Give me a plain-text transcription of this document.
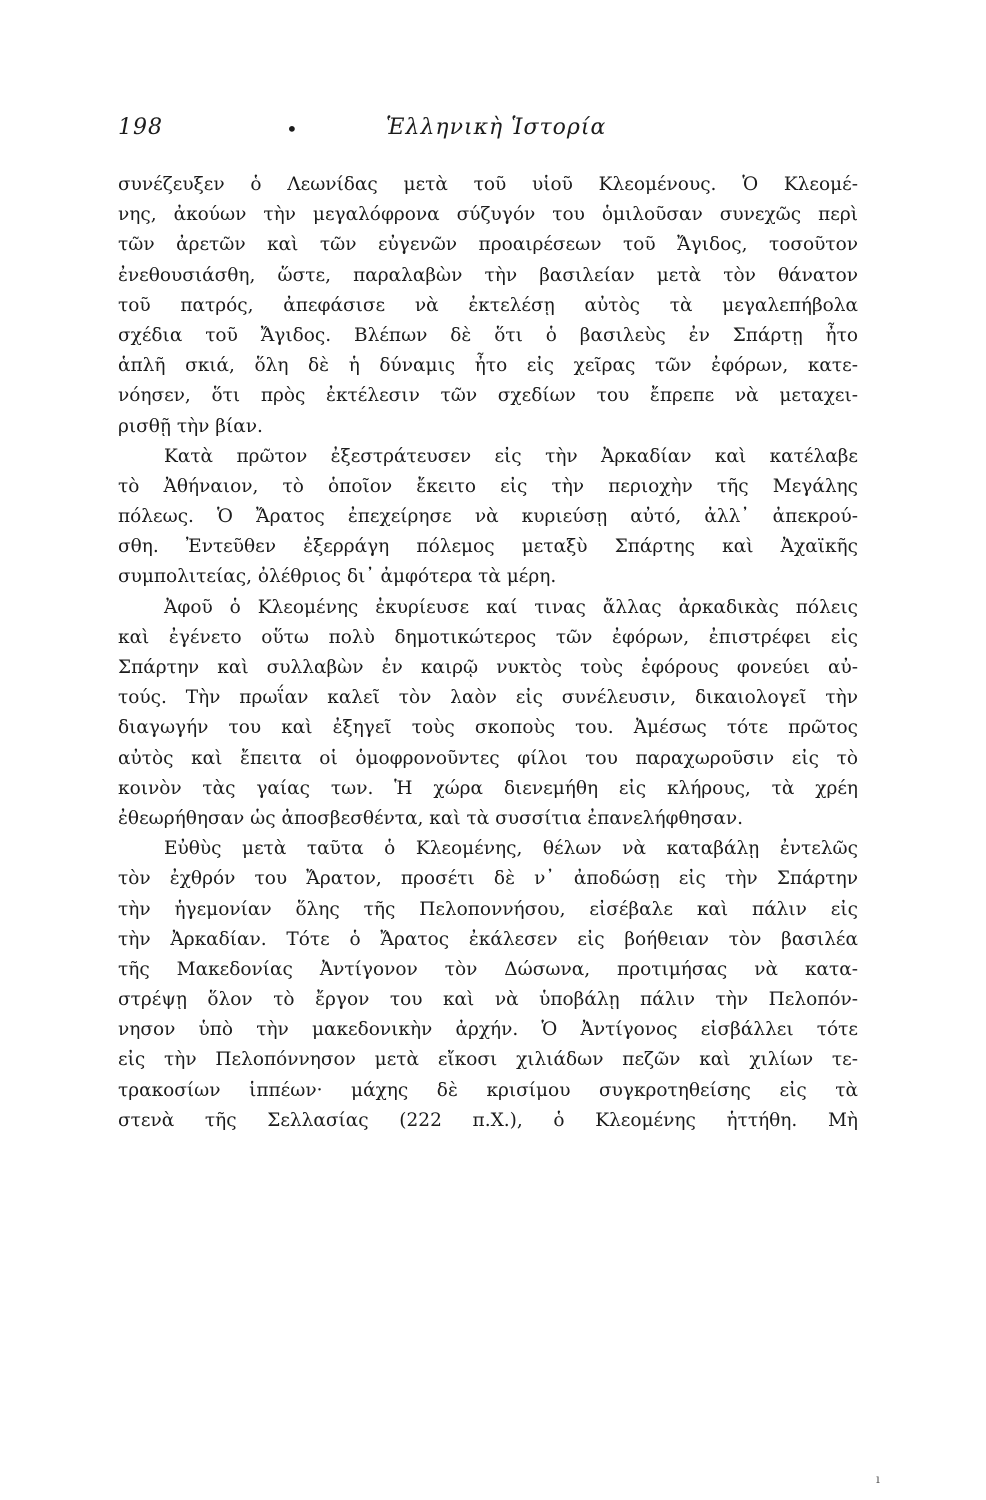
198	•	Ἑλληνικὴ Ἱστορία
συνέζευξεν ὁ Λεωνίδας μετὰ τοῦ υἱοῦ Κλεομένους. Ὁ Κλεομέ-
νης, ἀκούων τὴν μεγαλόφρονα σύζυγόν του ὁμιλοῦσαν συνεχῶς περὶ
τῶν ἀρετῶν καὶ τῶν εὐγενῶν προαιρέσεων τοῦ Ἄγιδος, τοσοῦτον
ἐνεθουσιάσθη, ὥστε, παραλαβὼν τὴν βασιλείαν μετὰ τὸν θάνατον
τοῦ πατρός, ἀπεφάσισε νὰ ἐκτελέσῃ αὐτὸς τὰ μεγαλεπήβολα
σχέδια τοῦ Ἄγιδος. Βλέπων δὲ ὅτι ὁ βασιλεὺς ἐν Σπάρτῃ ἦτο
ἁπλῆ σκιά, ὅλη δὲ ἡ δύναμις ἦτο εἰς χεῖρας τῶν ἐφόρων, κατε-
νόησεν, ὅτι πρὸς ἐκτέλεσιν τῶν σχεδίων του ἔπρεπε νὰ μεταχει-
ρισθῇ τὴν βίαν.
Κατὰ πρῶτον ἐξεστράτευσεν εἰς τὴν Ἀρκαδίαν καὶ κατέλαβε
τὸ Ἀθήναιον, τὸ ὁποῖον ἔκειτο εἰς τὴν περιοχὴν τῆς Μεγάλης
πόλεως. Ὁ Ἄρατος ἐπεχείρησε νὰ κυριεύσῃ αὐτό, ἀλλ᾽ ἀπεκρού-
σθη. Ἐντεῦθεν ἐξερράγη πόλεμος μεταξὺ Σπάρτης καὶ Ἀχαϊκῆς
συμπολιτείας, ὀλέθριος δι᾽ ἀμφότερα τὰ μέρη.
Ἀφοῦ ὁ Κλεομένης ἐκυρίευσε καί τινας ἄλλας ἀρκαδικὰς πόλεις
καὶ ἐγένετο οὕτω πολὺ δημοτικώτερος τῶν ἐφόρων, ἐπιστρέφει εἰς
Σπάρτην καὶ συλλαβὼν ἐν καιρῷ νυκτὸς τοὺς ἐφόρους φονεύει αὐ-
τούς. Τὴν πρωΐαν καλεῖ τὸν λαὸν εἰς συνέλευσιν, δικαιολογεῖ τὴν
διαγωγήν του καὶ ἐξηγεῖ τοὺς σκοποὺς του. Ἀμέσως τότε πρῶτος
αὐτὸς καὶ ἔπειτα οἱ ὁμοφρονοῦντες φίλοι του παραχωροῦσιν εἰς τὸ
κοινὸν τὰς γαίας των. Ἡ χώρα διενεμήθη εἰς κλήρους, τὰ χρέη
ἐθεωρήθησαν ὡς ἀποσβεσθέντα, καὶ τὰ συσσίτια ἐπανελήφθησαν.
Εὐθὺς μετὰ ταῦτα ὁ Κλεομένης, θέλων νὰ καταβάλῃ ἐντελῶς
τὸν ἐχθρόν του Ἄρατον, προσέτι δὲ ν᾽ ἀποδώσῃ εἰς τὴν Σπάρτην
τὴν ἡγεμονίαν ὅλης τῆς Πελοποννήσου, εἰσέβαλε καὶ πάλιν εἰς
τὴν Ἀρκαδίαν. Τότε ὁ Ἄρατος ἐκάλεσεν εἰς βοήθειαν τὸν βασιλέα
τῆς Μακεδονίας Ἀντίγονον τὸν Δώσωνα, προτιμήσας νὰ κατα-
στρέψῃ ὅλον τὸ ἔργον του καὶ νὰ ὑποβάλῃ πάλιν τὴν Πελοπόν-
νησον ὑπὸ τὴν μακεδονικὴν ἀρχήν. Ὁ Ἀντίγονος εἰσβάλλει τότε
εἰς τὴν Πελοπόννησον μετὰ εἴκοσι χιλιάδων πεζῶν καὶ χιλίων τε-
τρακοσίων ἱππέων· μάχης δὲ κρισίμου συγκροτηθείσης εἰς τὰ
στενὰ τῆς Σελλασίας (222 π.Χ.), ὁ Κλεομένης ἡττήθη. Μὴ
ı
